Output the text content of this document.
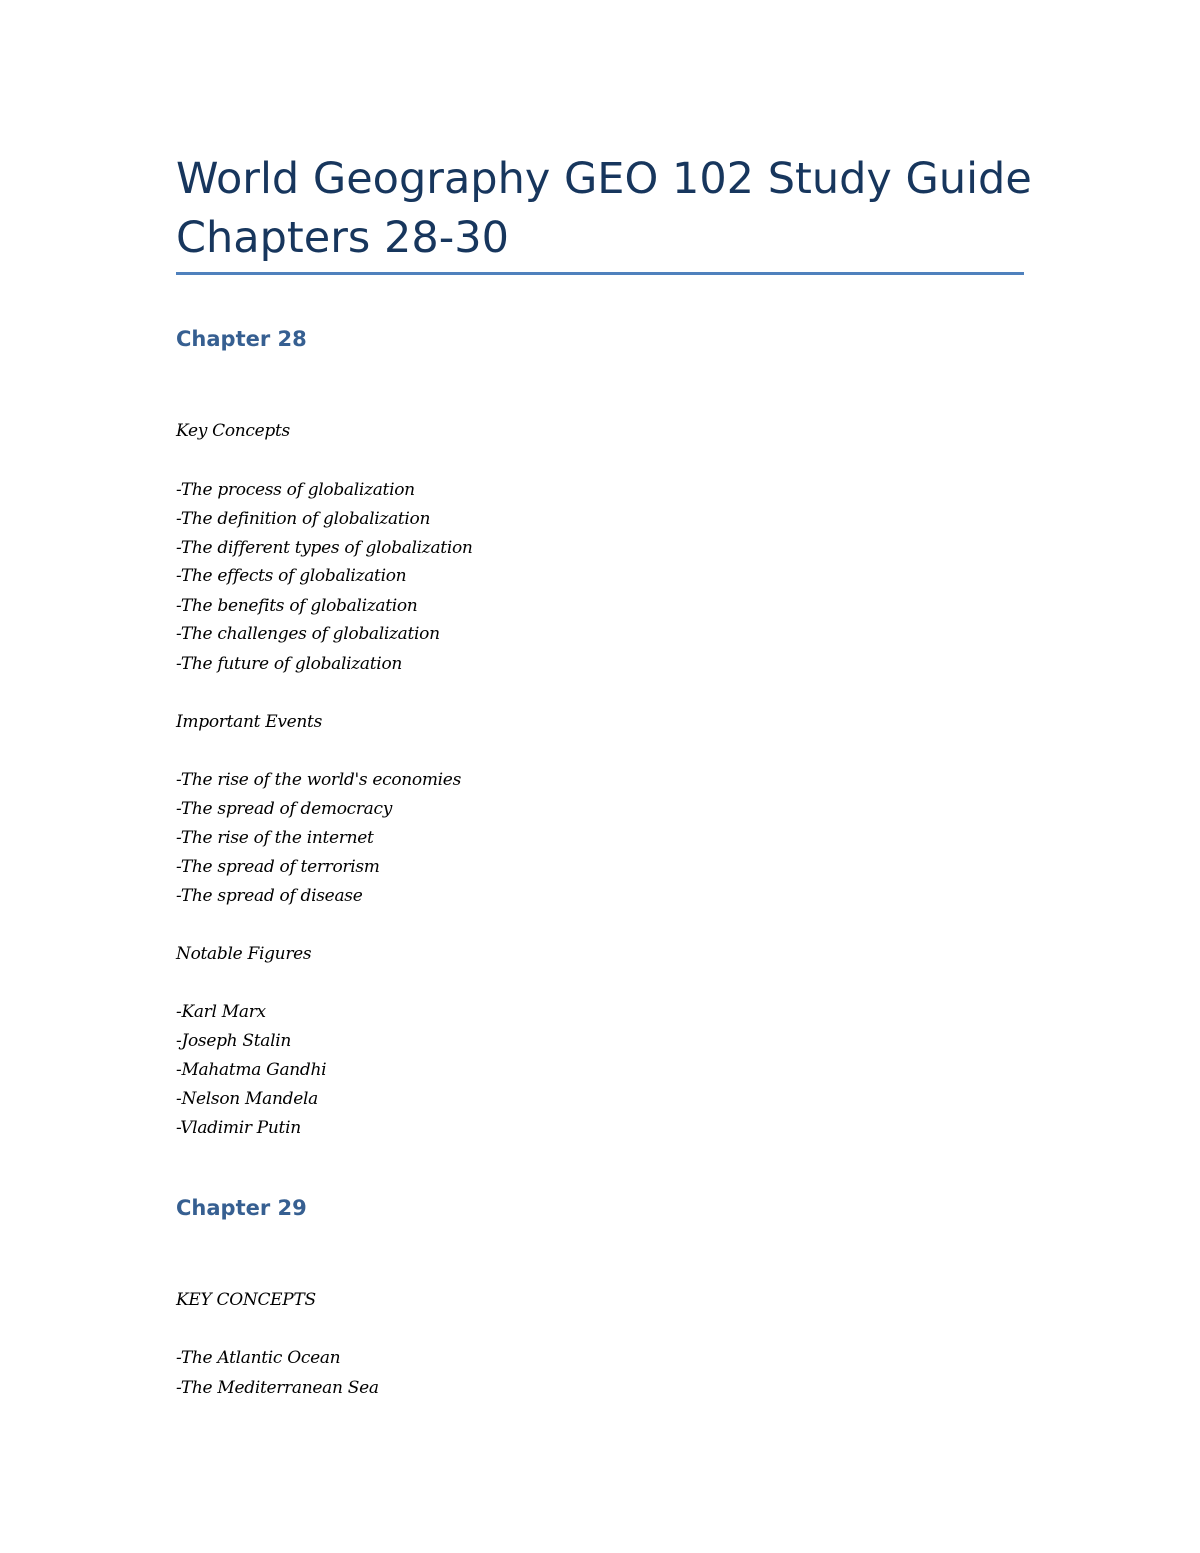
World Geography GEO 102 Study Guide
Chapters 28-30
Chapter 28

Key Concepts

-The process of globalization

-The definition of globalization

-The different types of globalization

-The effects of globalization

-The benefits of globalization

-The challenges of globalization

-The future of globalization

Important Events

-The rise of the world's economies

-The spread of democracy

-The rise of the internet

-The spread of terrorism

-The spread of disease

Notable Figures

-Karl Marx

-Joseph Stalin

-Mahatma Gandhi

-Nelson Mandela

-Vladimir Putin

Chapter 29

KEY CONCEPTS

-The Atlantic Ocean

-The Mediterranean Sea
